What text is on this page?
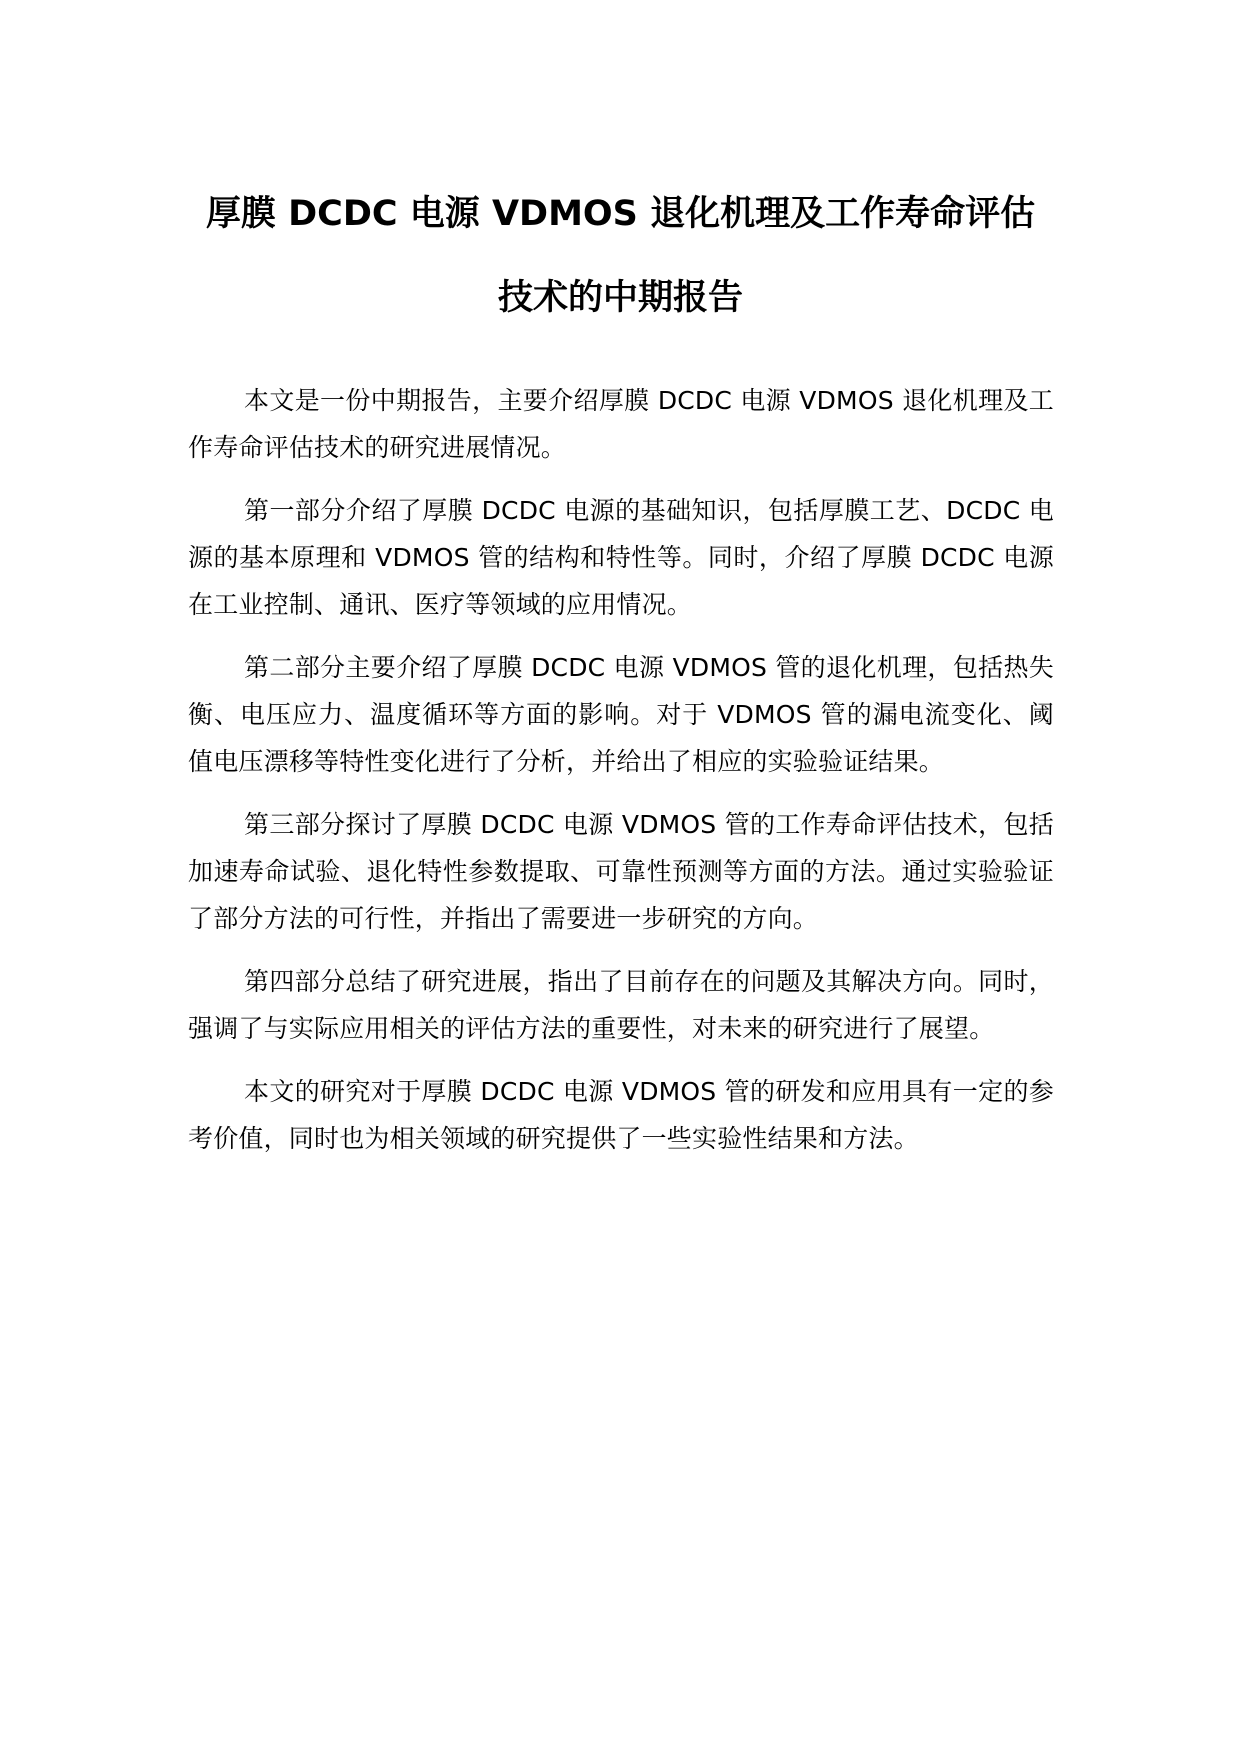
厚膜 DCDC 电源 VDMOS 退化机理及工作寿命评估
技术的中期报告

本文是一份中期报告，主要介绍厚膜 DCDC 电源 VDMOS 退化机理及工作寿命评估技术的研究进展情况。

第一部分介绍了厚膜 DCDC 电源的基础知识，包括厚膜工艺、DCDC 电源的基本原理和 VDMOS 管的结构和特性等。同时，介绍了厚膜 DCDC 电源在工业控制、通讯、医疗等领域的应用情况。

第二部分主要介绍了厚膜 DCDC 电源 VDMOS 管的退化机理，包括热失衡、电压应力、温度循环等方面的影响。对于 VDMOS 管的漏电流变化、阈值电压漂移等特性变化进行了分析，并给出了相应的实验验证结果。

第三部分探讨了厚膜 DCDC 电源 VDMOS 管的工作寿命评估技术，包括加速寿命试验、退化特性参数提取、可靠性预测等方面的方法。通过实验验证了部分方法的可行性，并指出了需要进一步研究的方向。

第四部分总结了研究进展，指出了目前存在的问题及其解决方向。同时，强调了与实际应用相关的评估方法的重要性，对未来的研究进行了展望。

本文的研究对于厚膜 DCDC 电源 VDMOS 管的研发和应用具有一定的参考价值，同时也为相关领域的研究提供了一些实验性结果和方法。
